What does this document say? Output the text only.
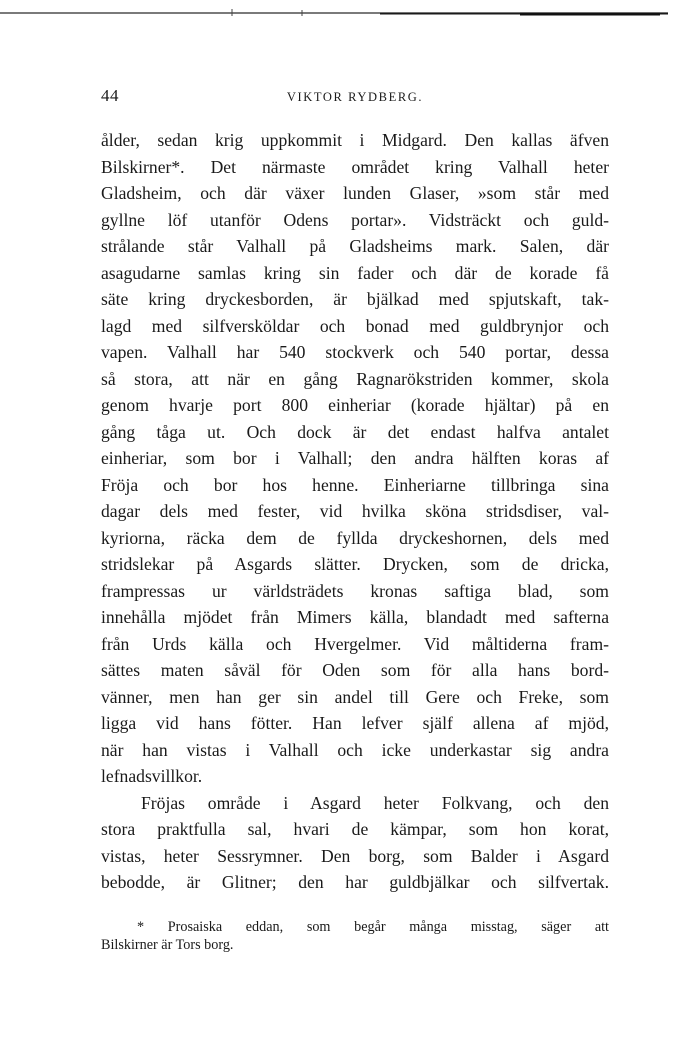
44	VIKTOR RYDBERG.
ålder, sedan krig uppkommit i Midgard. Den kallas äfven
Bilskirner*. Det närmaste området kring Valhall heter
Gladsheim, och där växer lunden Glaser, »som står med
gyllne löf utanför Odens portar». Vidsträckt och guld-
strålande står Valhall på Gladsheims mark. Salen, där
asagudarne samlas kring sin fader och där de korade få
säte kring dryckesborden, är bjälkad med spjutskaft, tak-
lagd med silfversköldar och bonad med guldbrynjor och
vapen. Valhall har 540 stockverk och 540 portar, dessa
så stora, att när en gång Ragnarökstriden kommer, skola
genom hvarje port 800 einheriar (korade hjältar) på en
gång tåga ut. Och dock är det endast halfva antalet
einheriar, som bor i Valhall; den andra hälften koras af
Fröja och bor hos henne. Einheriarne tillbringa sina
dagar dels med fester, vid hvilka sköna stridsdiser, val-
kyriorna, räcka dem de fyllda dryckeshornen, dels med
stridslekar på Asgards slätter. Drycken, som de dricka,
frampressas ur världsträdets kronas saftiga blad, som
innehålla mjödet från Mimers källa, blandadt med safterna
från Urds källa och Hvergelmer. Vid måltiderna fram-
sättes maten såväl för Oden som för alla hans bord-
vänner, men han ger sin andel till Gere och Freke, som
ligga vid hans fötter. Han lefver själf allena af mjöd,
när han vistas i Valhall och icke underkastar sig andra
lefnadsvillkor.
Fröjas område i Asgard heter Folkvang, och den
stora praktfulla sal, hvari de kämpar, som hon korat,
vistas, heter Sessrymner. Den borg, som Balder i Asgard
bebodde, är Glitner; den har guldbjälkar och silfvertak.
* Prosaiska eddan, som begår många misstag, säger att
Bilskirner är Tors borg.
